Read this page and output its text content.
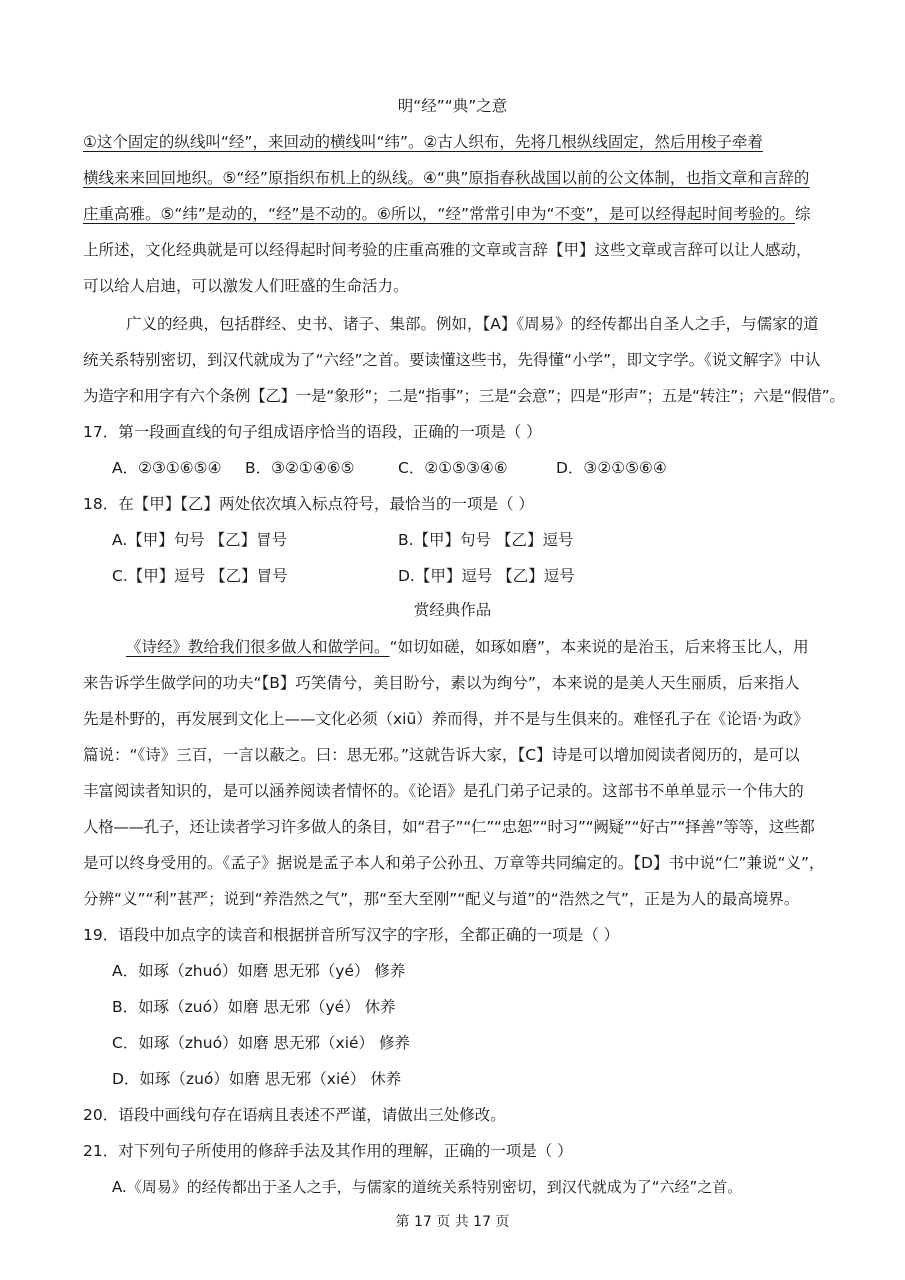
明“经”“典”之意
①这个固定的纵线叫“经”，来回动的横线叫“纬”。②古人织布，先将几根纵线固定，然后用梭子牵着
横线来来回回地织。⑤“经”原指织布机上的纵线。④“典”原指春秋战国以前的公文体制，也指文章和言辞的
庄重高雅。⑤“纬”是动的，“经”是不动的。⑥所以，“经”常常引申为“不变”，是可以经得起时间考验的。综
上所述，文化经典就是可以经得起时间考验的庄重高雅的文章或言辞【甲】这些文章或言辞可以让人感动，
可以给人启迪，可以激发人们旺盛的生命活力。
广义的经典，包括群经、史书、诸子、集部。例如，【A】《周易》的经传都出自圣人之手，与儒家的道
统关系特别密切，到汉代就成为了“六经”之首。要读懂这些书，先得懂“小学”，即文字学。《说文解字》中认
为造字和用字有六个条例【乙】一是“象形”；二是“指事”；三是“会意”；四是“形声”；五是“转注”；六是“假借”。
17．第一段画直线的句子组成语序恰当的语段，正确的一项是（ ）
A．②③①⑥⑤④ B．③②①④⑥⑤	C．②①⑤③④⑥	D．③②①⑤⑥④
18．在【甲】【乙】两处依次填入标点符号，最恰当的一项是（ ）
A.【甲】句号 【乙】冒号	B.【甲】句号 【乙】逗号
C.【甲】逗号 【乙】冒号	D.【甲】逗号 【乙】逗号
赏经典作品
《诗经》教给我们很多做人和做学问。“如切如磋，如琢如磨”，本来说的是治玉，后来将玉比人，用
来告诉学生做学问的功夫“【B】巧笑倩兮，美目盼兮，素以为绚兮”，本来说的是美人天生丽质，后来指人
先是朴野的，再发展到文化上——文化必须（xiū）养而得，并不是与生俱来的。难怪孔子在《论语·为政》
篇说：“《诗》三百，一言以蔽之。曰：思无邪。”这就告诉大家，【C】诗是可以增加阅读者阅历的，是可以
丰富阅读者知识的，是可以涵养阅读者情怀的。《论语》是孔门弟子记录的。这部书不单单显示一个伟大的
人格——孔子，还让读者学习许多做人的条目，如“君子”“仁”“忠恕”“时习”“阙疑”“好古”“择善”等等，这些都
是可以终身受用的。《孟子》据说是孟子本人和弟子公孙丑、万章等共同编定的。【D】书中说“仁”兼说“义”，
分辨“义”“利”甚严；说到“养浩然之气”，那“至大至刚”“配义与道”的“浩然之气”，正是为人的最高境界。
19．语段中加点字的读音和根据拼音所写汉字的字形，全都正确的一项是（ ）
A．如琢（zhuó）如磨 思无邪（yé） 修养
B．如琢（zuó）如磨 思无邪（yé） 休养
C．如琢（zhuó）如磨 思无邪（xié） 修养
D．如琢（zuó）如磨 思无邪（xié） 休养
20．语段中画线句存在语病且表述不严谨，请做出三处修改。
21．对下列句子所使用的修辞手法及其作用的理解，正确的一项是（ ）
A.《周易》的经传都出于圣人之手，与儒家的道统关系特别密切，到汉代就成为了“六经”之首。
第 17 页 共 17 页
